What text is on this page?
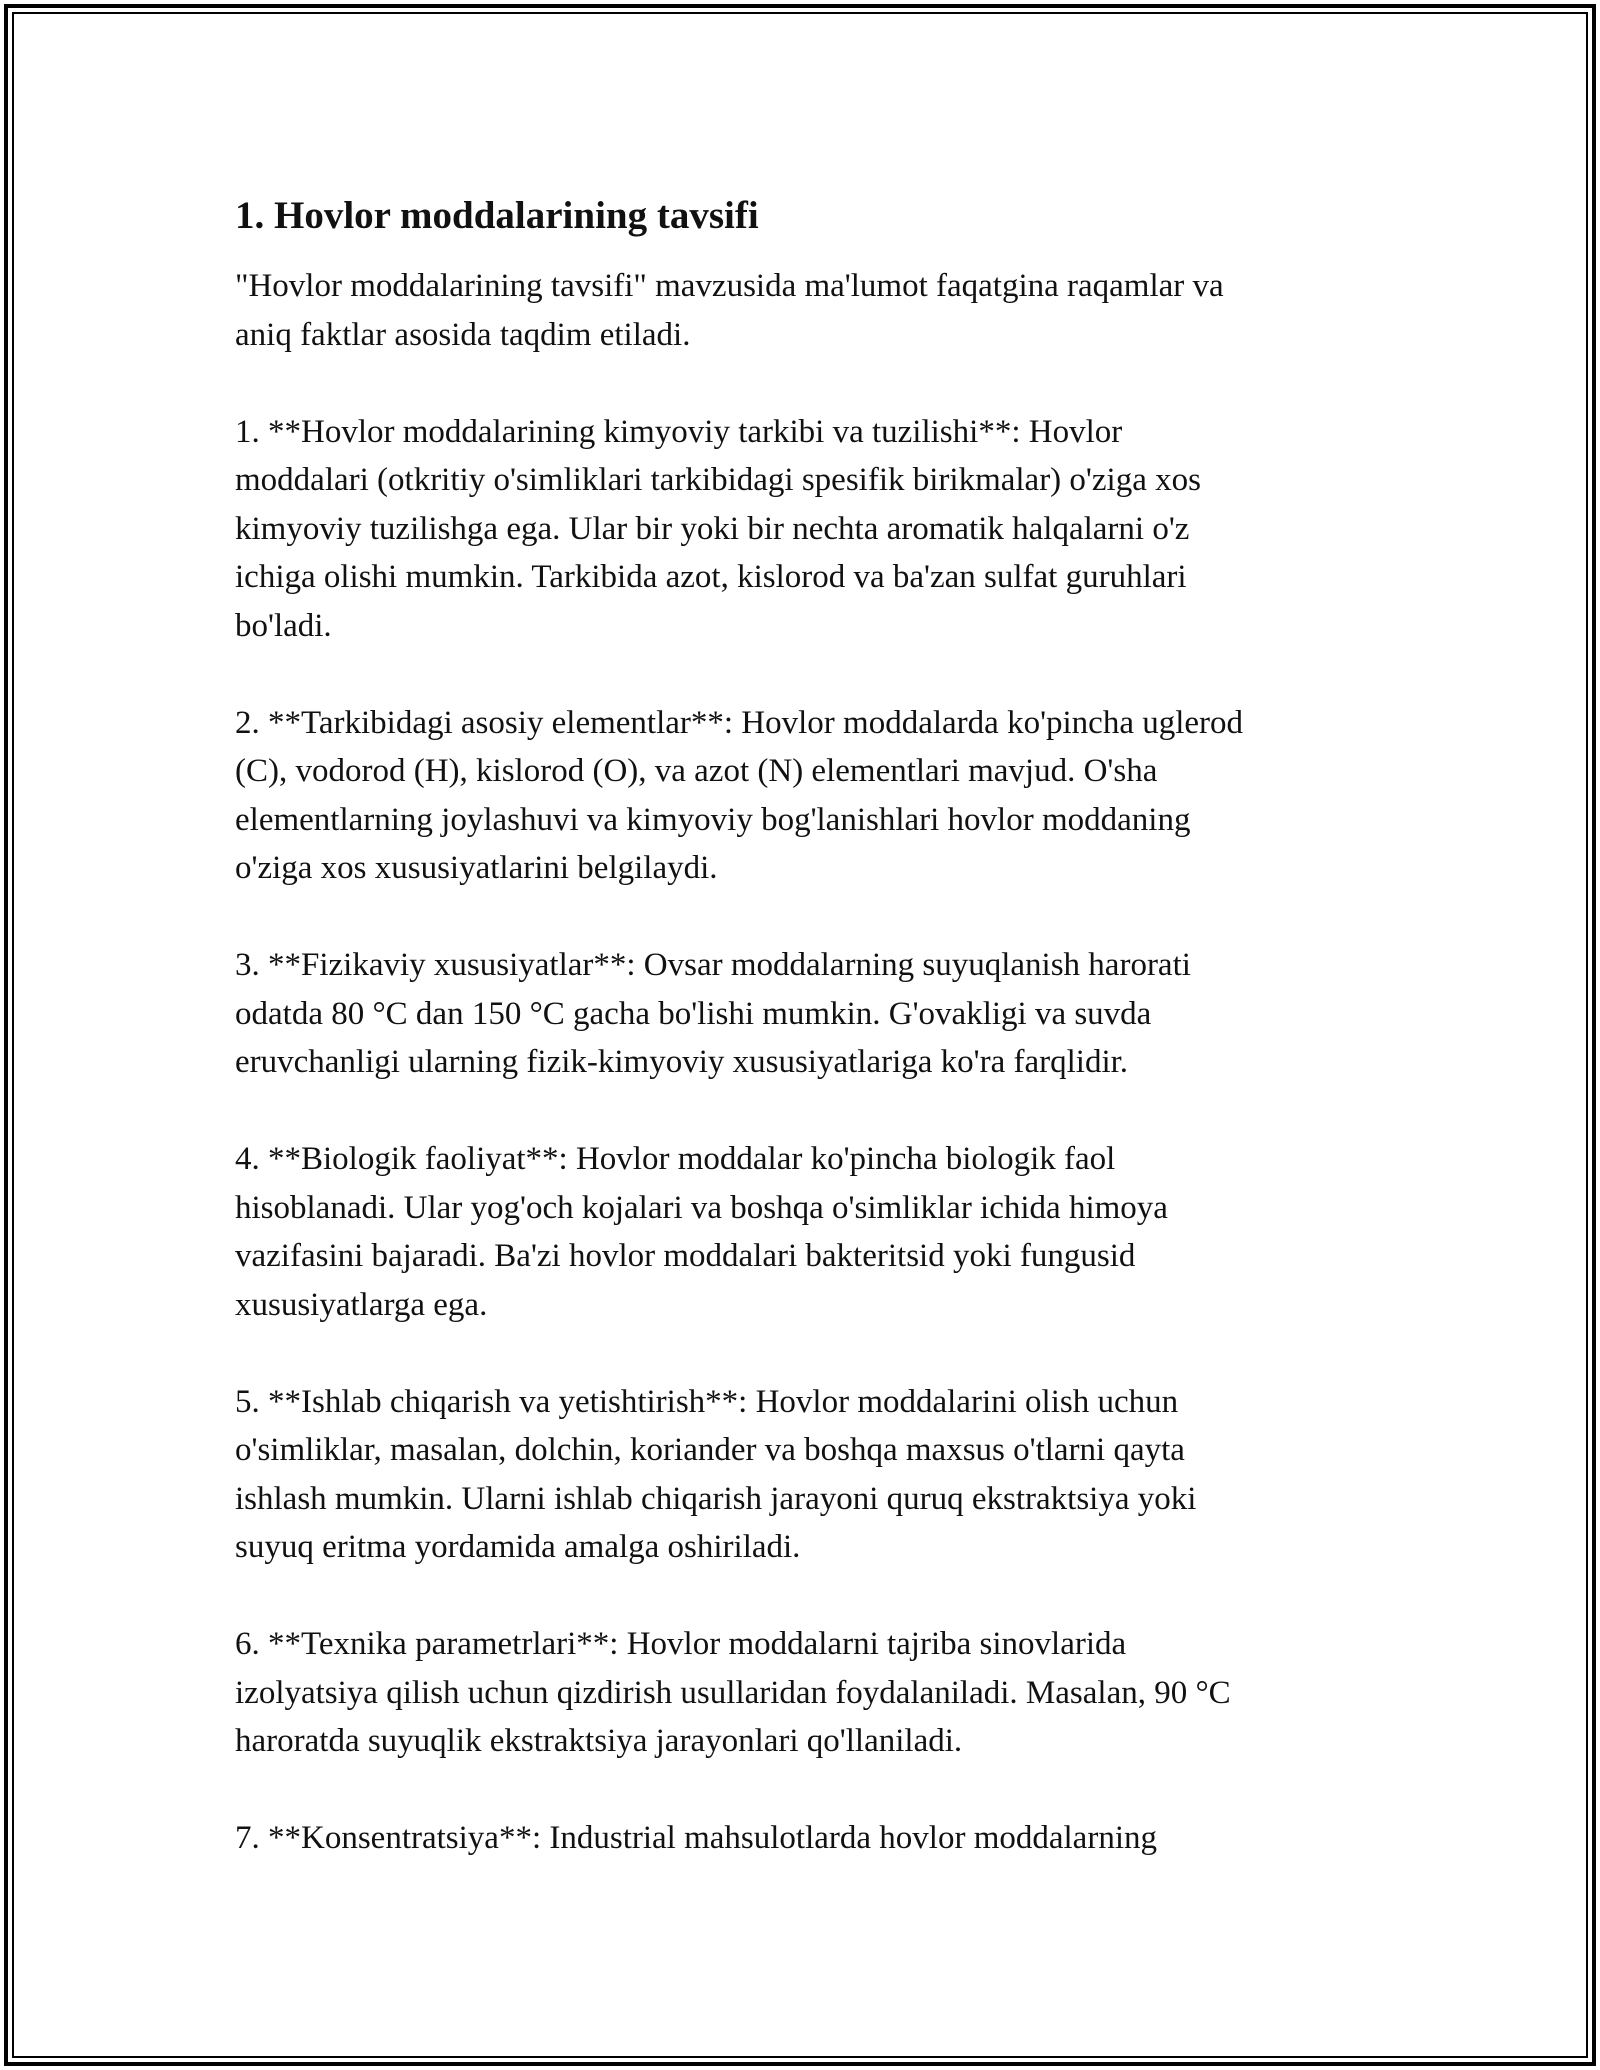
1. Hovlor moddalarining tavsifi

"Hovlor moddalarining tavsifi" mavzusida ma'lumot faqatgina raqamlar va
aniq faktlar asosida taqdim etiladi.

1. **Hovlor moddalarining kimyoviy tarkibi va tuzilishi**: Hovlor
moddalari (otkritiy o'simliklari tarkibidagi spesifik birikmalar) o'ziga xos
kimyoviy tuzilishga ega. Ular bir yoki bir nechta aromatik halqalarni o'z
ichiga olishi mumkin. Tarkibida azot, kislorod va ba'zan sulfat guruhlari
bo'ladi.

2. **Tarkibidagi asosiy elementlar**: Hovlor moddalarda ko'pincha uglerod
(C), vodorod (H), kislorod (O), va azot (N) elementlari mavjud. O'sha
elementlarning joylashuvi va kimyoviy bog'lanishlari hovlor moddaning
o'ziga xos xususiyatlarini belgilaydi.

3. **Fizikaviy xususiyatlar**: Ovsar moddalarning suyuqlanish harorati
odatda 80 °C dan 150 °C gacha bo'lishi mumkin. G'ovakligi va suvda
eruvchanligi ularning fizik-kimyoviy xususiyatlariga ko'ra farqlidir.

4. **Biologik faoliyat**: Hovlor moddalar ko'pincha biologik faol
hisoblanadi. Ular yog'och kojalari va boshqa o'simliklar ichida himoya
vazifasini bajaradi. Ba'zi hovlor moddalari bakteritsid yoki fungusid
xususiyatlarga ega.

5. **Ishlab chiqarish va yetishtirish**: Hovlor moddalarini olish uchun
o'simliklar, masalan, dolchin, koriander va boshqa maxsus o'tlarni qayta
ishlash mumkin. Ularni ishlab chiqarish jarayoni quruq ekstraktsiya yoki
suyuq eritma yordamida amalga oshiriladi.

6. **Texnika parametrlari**: Hovlor moddalarni tajriba sinovlarida
izolyatsiya qilish uchun qizdirish usullaridan foydalaniladi. Masalan, 90 °C
haroratda suyuqlik ekstraktsiya jarayonlari qo'llaniladi.

7. **Konsentratsiya**: Industrial mahsulotlarda hovlor moddalarning
